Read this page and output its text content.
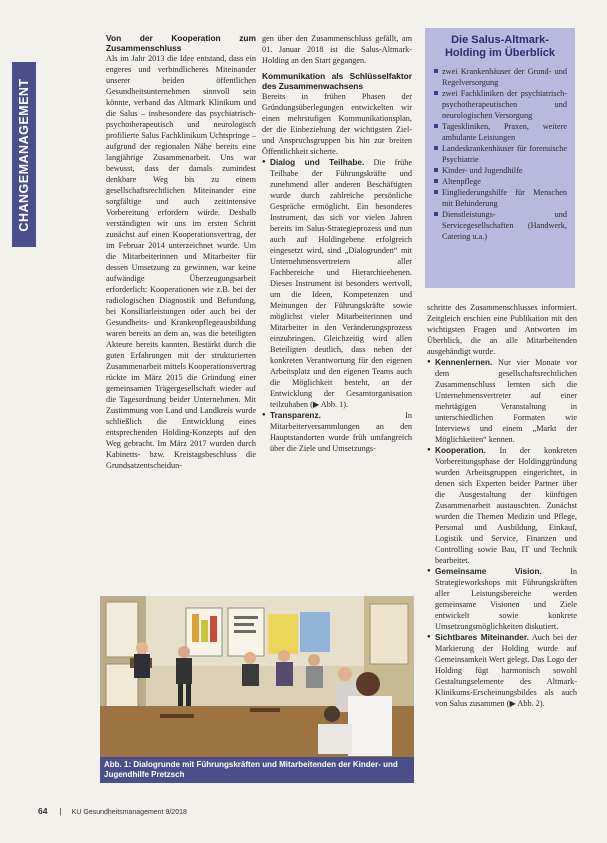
CHANGEMANAGEMENT
Von der Kooperation zum Zusammenschluss

Als im Jahr 2013 die Idee entstand, dass ein engeres und verbindlicheres Miteinander unserer beiden öffentlichen Gesundheitsunternehmen sinnvoll sein könnte, verband das Altmark Klinikum und die Salus – insbesondere das psychiatrisch-psychotherapeutisch und neurologisch profilierte Salus Fachklinikum Uchtspringe – aufgrund der regionalen Nähe bereits eine langjährige Zusammenarbeit. Uns war bewusst, dass der damals zumindest denkbare Weg bis zu einem gesellschaftsrechtlichen Miteinander eine sorgfältige und auch zeitintensive Vorbereitung erfordern würde. Deshalb verständigten wir uns im ersten Schritt zunächst auf einen Kooperationsvertrag, der im Februar 2014 unterzeichnet wurde. Um die Mitarbeiterinnen und Mitarbeiter für dessen Umsetzung zu gewinnen, war keine aufwändige Überzeugungsarbeit erforderlich: Kooperationen wie z.B. bei der radiologischen Diagnostik und Befundung, bei Konsiliarleistungen oder auch bei der Gesundheits- und Krankenpflegeausbildung waren bereits an dem an, was die beteiligten Akteure bereits kannten. Bestärkt durch die guten Erfahrungen mit der strukturierten Zusammenarbeit mittels Kooperationsvertrag rückte im März 2015 die Gründung einer gemeinsamen Trägergesellschaft wieder auf die Tagesordnung beider Unternehmen. Mit Zustimmung von Land und Landkreis wurde schließlich die Entwicklung eines entsprechenden Holding-Konzepts auf den Weg gebracht. Im März 2017 wurden durch Kabinetts- bzw. Kreistagsbeschluss die Grundsatzentscheidun-

gen über den Zusammenschluss gefällt, am 01. Januar 2018 ist die Salus-Altmark-Holding an den Start gegangen.

Kommunikation als Schlüsselfaktor des Zusammenwachsens

Bereits in frühen Phasen der Gründungsüberlegungen entwickelten wir einen mehrstufigen Kommunikationsplan, der die Einbeziehung der wichtigsten Ziel- und Anspruchsgruppen bis hin zur breiten Öffentlichkeit sicherte.

● Dialog und Teilhabe. Die frühe Teilhabe der Führungskräfte und zunehmend aller anderen Beschäftigten wurde durch zahlreiche persönliche Gespräche ermöglicht. Ein besonderes Instrument, das sich vor vielen Jahren bereits im Salus-Strategieprozess und nun auch auf Holdingebene erfolgreich eingesetzt wird, sind „Dialogrunden“ mit Unternehmensvertretern aller Fachbereiche und Hierarchieebenen. Dieses Instrument ist besonders wertvoll, um die Ideen, Kompetenzen und Meinungen der Führungskräfte sowie möglichst vieler Mitarbeiterinnen und Mitarbeiter in den Veränderungsprozess einzubringen. Gleichzeitig wird allen Beteiligten deutlich, dass neben der konkreten Verantwortung für den eigenen Arbeitsplatz und den eigenen Teams auch die Möglichkeit besteht, an der Entwicklung der Gesamtorganisation teilzuhaben (▶ Abb. 1).
● Transparenz.	In Mitarbeiterversammlungen an den Hauptstandorten wurde früh umfangreich über die Ziele und Umsetzungs-
Die Salus-Altmark-Holding im Überblick
zwei Krankenhäuser der Grund- und Regelversorgung
zwei Fachkliniken der psychiatrisch-psychotherapeutischen und neurologischen Versorgung
Tageskliniken, Praxen, weitere ambulante Leistungen
Landeskrankenhäuser für forensische Psychiatrie
Kinder- und Jugendhilfe
Altenpflege
Eingliederungshilfe für Menschen mit Behinderung
Dienstleistungs- und Servicegesellschaften (Handwerk, Catering u.a.)

schritte des Zusammenschlusses informiert. Zeitgleich erschien eine Publikation mit den wichtigsten Fragen und Antworten im Überblick, die an alle Mitarbeitenden ausgehändigt wurde.

● Kennenlernen. Nur vier Monate vor dem gesellschaftsrechtlichen Zusammenschluss lernten sich die Unternehmensvertreter auf einer mehrtägigen Veranstaltung in unterschiedlichen Formaten wie Interviews und einem „Markt der Möglichkeiten“ kennen.
● Kooperation. In der konkreten Vorbereitungsphase der Holdinggründung wurden Arbeitsgruppen eingerichtet, in denen sich Experten beider Partner über die Ausgestaltung der künftigen Zusammenarbeit austauschten. Zunächst wurden die Themen Medizin und Pflege, Personal und Ausbildung, Einkauf, Logistik und Service, Finanzen und Controlling sowie Bau, IT und Technik bearbeitet.
● Gemeinsame Vision.	In Strategieworkshops mit Führungskräften aller Leistungsbereiche werden gemeinsame Visionen und Ziele entwickelt sowie konkrete Umsetzungsmöglichkeiten diskutiert.
● Sichtbares Miteinander. Auch bei der Markierung der Holding wurde auf Gemeinsamkeit Wert gelegt. Das Logo der Holding fügt harmonisch sowohl Gestaltungselemente des Altmark-Klinikums-Erscheinungsbildes als auch von Salus zusammen (▶ Abb. 2).
Abb. 1: Dialogrunde mit Führungskräften und Mitarbeitenden der Kinder- und Jugendhilfe Pretzsch
64 | KU Gesundheitsmanagement 9/2018
